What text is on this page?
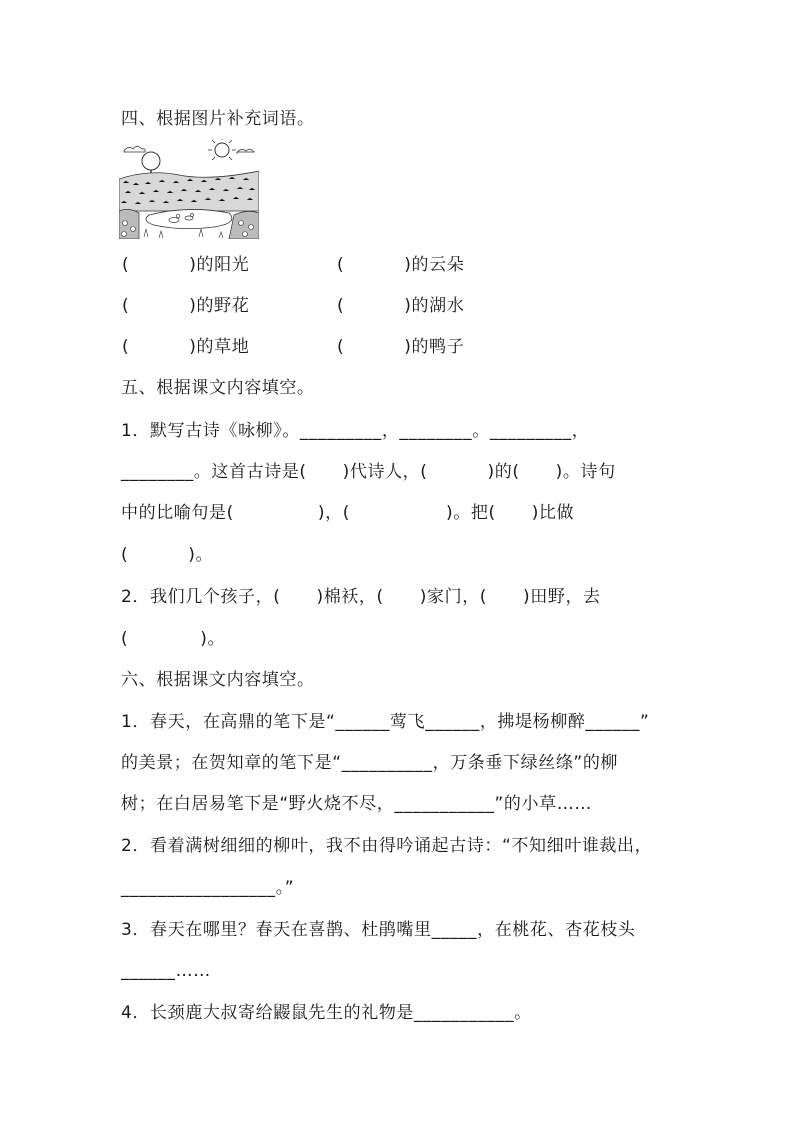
四、根据图片补充词语。
(          )的阳光	(          )的云朵
(          )的野花	(          )的湖水
(          )的草地	(          )的鸭子
五、根据课文内容填空。
1．默写古诗《咏柳》。_________，________。_________，
________。这首古诗是(      )代诗人，(          )的(      )。诗句
中的比喻句是(              )，(                )。把(      )比做
(          )。
2．我们几个孩子，(      )棉袄，(      )家门，(      )田野，去
(            )。
六、根据课文内容填空。
1．春天，在高鼎的笔下是“______莺飞______，拂堤杨柳醉______”
的美景；在贺知章的笔下是“__________，万条垂下绿丝绦”的柳
树；在白居易笔下是“野火烧不尽，___________”的小草……
2．看着满树细细的柳叶，我不由得吟诵起古诗：“不知细叶谁裁出，
_________________。”
3．春天在哪里？春天在喜鹊、杜鹃嘴里_____，在桃花、杏花枝头
______……
4．长颈鹿大叔寄给鼹鼠先生的礼物是___________。
